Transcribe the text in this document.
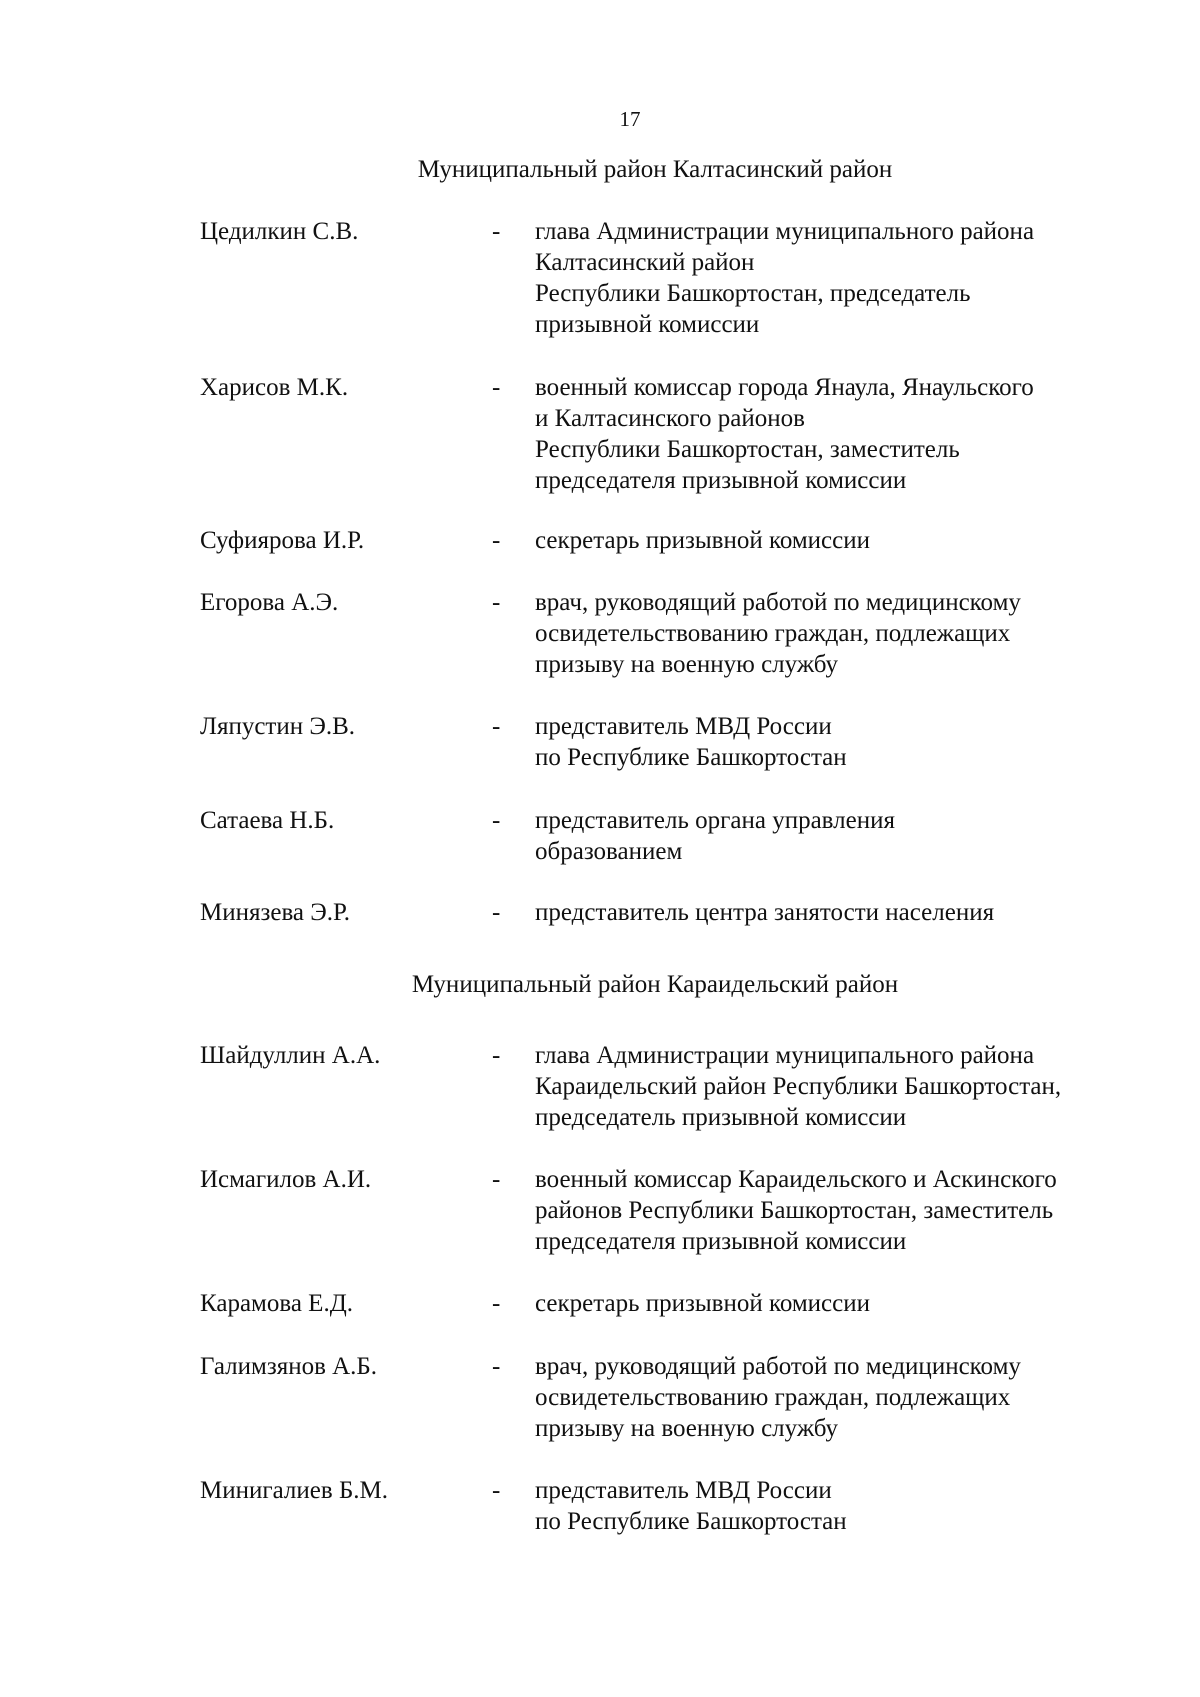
17
Муниципальный район Калтасинский район
Цедилкин С.В.	- глава Администрации муниципального района
Калтасинский район
Республики Башкортостан, председатель
призывной комиссии
Харисов М.К.	- военный комиссар города Янаула, Янаульского
и Калтасинского районов
Республики Башкортостан, заместитель
председателя призывной комиссии
Суфиярова И.Р.	- секретарь призывной комиссии
Егорова А.Э.	- врач, руководящий работой по медицинскому
освидетельствованию граждан, подлежащих
призыву на военную службу
Ляпустин Э.В.	- представитель МВД России
по Республике Башкортостан
Сатаева Н.Б.	- представитель органа управления
образованием
Минязева Э.Р.	- представитель центра занятости населения
Муниципальный район Караидельский район
Шайдуллин А.А.	- глава Администрации муниципального района
Караидельский район Республики Башкортостан,
председатель призывной комиссии
Исмагилов А.И.	- военный комиссар Караидельского и Аскинского
районов Республики Башкортостан, заместитель
председателя призывной комиссии
Карамова Е.Д.	- секретарь призывной комиссии
Галимзянов А.Б.	- врач, руководящий работой по медицинскому
освидетельствованию граждан, подлежащих
призыву на военную службу
Минигалиев Б.М.	- представитель МВД России
по Республике Башкортостан
